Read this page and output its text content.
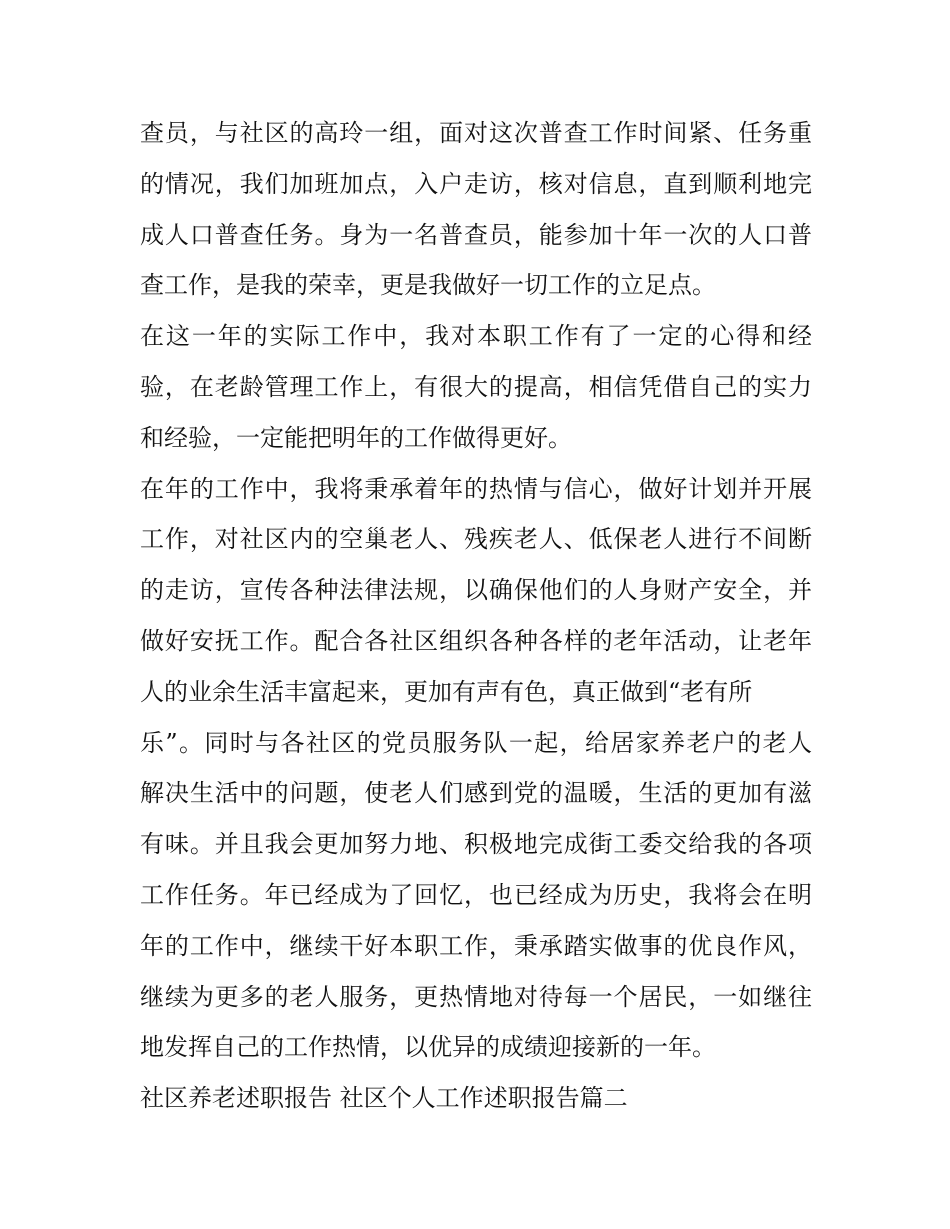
查员，与社区的高玲一组，面对这次普查工作时间紧、任务重
的情况，我们加班加点，入户走访，核对信息，直到顺利地完
成人口普查任务。身为一名普查员，能参加十年一次的人口普
查工作，是我的荣幸，更是我做好一切工作的立足点。
在这一年的实际工作中，我对本职工作有了一定的心得和经
验，在老龄管理工作上，有很大的提高，相信凭借自己的实力
和经验，一定能把明年的工作做得更好。
在年的工作中，我将秉承着年的热情与信心，做好计划并开展
工作，对社区内的空巢老人、残疾老人、低保老人进行不间断
的走访，宣传各种法律法规，以确保他们的人身财产安全，并
做好安抚工作。配合各社区组织各种各样的老年活动，让老年
人的业余生活丰富起来，更加有声有色，真正做到“老有所
乐”。同时与各社区的党员服务队一起，给居家养老户的老人
解决生活中的问题，使老人们感到党的温暖，生活的更加有滋
有味。并且我会更加努力地、积极地完成街工委交给我的各项
工作任务。年已经成为了回忆，也已经成为历史，我将会在明
年的工作中，继续干好本职工作，秉承踏实做事的优良作风，
继续为更多的老人服务，更热情地对待每一个居民，一如继往
地发挥自己的工作热情，以优异的成绩迎接新的一年。
社区养老述职报告 社区个人工作述职报告篇二
